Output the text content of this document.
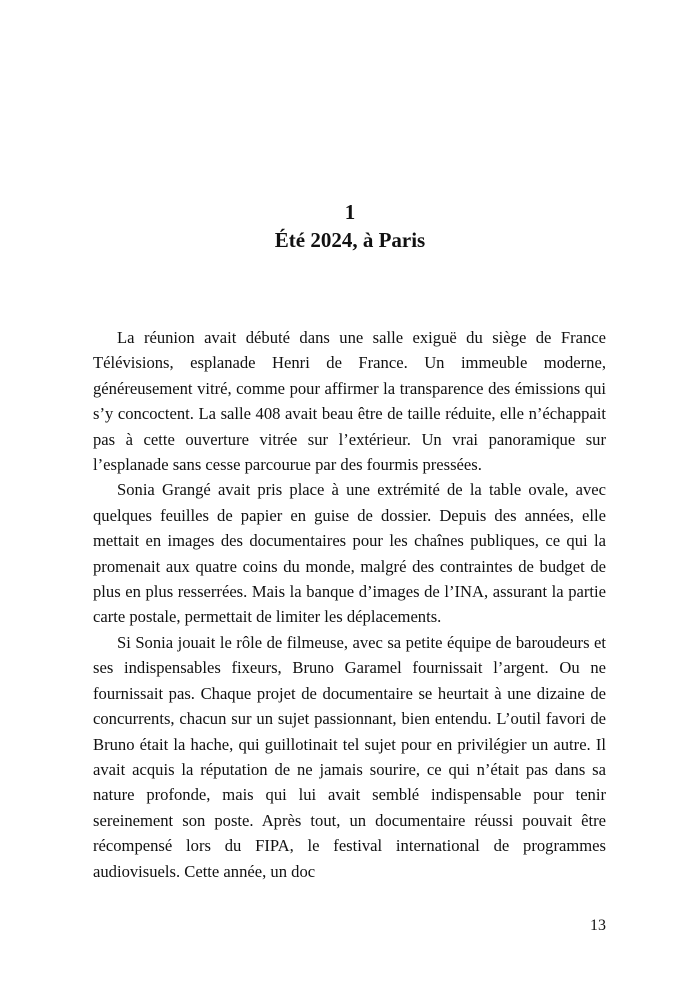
1
Été 2024, à Paris

La réunion avait débuté dans une salle exiguë du siège de France Télévisions, esplanade Henri de France. Un immeuble moderne, généreusement vitré, comme pour affirmer la transparence des émissions qui s’y concoctent. La salle 408 avait beau être de taille réduite, elle n’échappait pas à cette ouverture vitrée sur l’extérieur. Un vrai panoramique sur l’esplanade sans cesse parcourue par des fourmis pressées.

Sonia Grangé avait pris place à une extrémité de la table ovale, avec quelques feuilles de papier en guise de dossier. Depuis des années, elle mettait en images des documentaires pour les chaînes publiques, ce qui la promenait aux quatre coins du monde, malgré des contraintes de budget de plus en plus resserrées. Mais la banque d’images de l’INA, assurant la partie carte postale, permettait de limiter les déplacements.

Si Sonia jouait le rôle de filmeuse, avec sa petite équipe de baroudeurs et ses indispensables fixeurs, Bruno Garamel fournissait l’argent. Ou ne fournissait pas. Chaque projet de documentaire se heurtait à une dizaine de concurrents, chacun sur un sujet passionnant, bien entendu. L’outil favori de Bruno était la hache, qui guillotinait tel sujet pour en privilégier un autre. Il avait acquis la réputation de ne jamais sourire, ce qui n’était pas dans sa nature profonde, mais qui lui avait semblé indispensable pour tenir sereinement son poste. Après tout, un documentaire réussi pouvait être récompensé lors du FIPA, le festival international de programmes audiovisuels. Cette année, un doc

13
